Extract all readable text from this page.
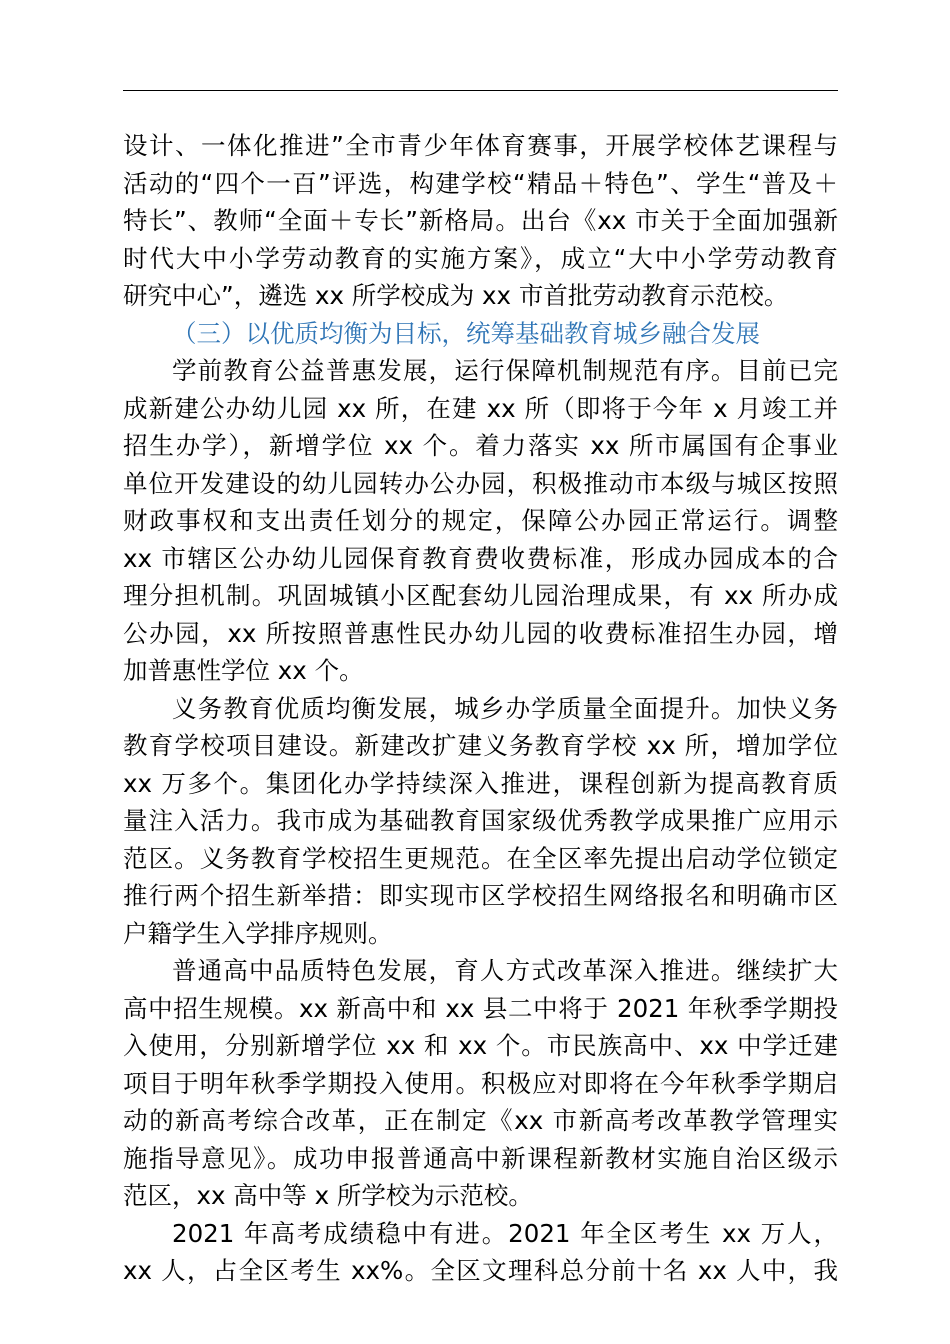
设计、一体化推进”全市青少年体育赛事，开展学校体艺课程与
活动的“四个一百”评选，构建学校“精品＋特色”、学生“普及＋
特长”、教师“全面＋专长”新格局。出台《xx 市关于全面加强新
时代大中小学劳动教育的实施方案》，成立“大中小学劳动教育
研究中心”，遴选 xx 所学校成为 xx 市首批劳动教育示范校。
（三）以优质均衡为目标，统筹基础教育城乡融合发展
学前教育公益普惠发展，运行保障机制规范有序。目前已完
成新建公办幼儿园 xx 所，在建 xx 所（即将于今年 x 月竣工并
招生办学），新增学位 xx 个。着力落实 xx 所市属国有企事业
单位开发建设的幼儿园转办公办园，积极推动市本级与城区按照
财政事权和支出责任划分的规定，保障公办园正常运行。调整
xx 市辖区公办幼儿园保育教育费收费标准，形成办园成本的合
理分担机制。巩固城镇小区配套幼儿园治理成果，有 xx 所办成
公办园，xx 所按照普惠性民办幼儿园的收费标准招生办园，增
加普惠性学位 xx 个。
义务教育优质均衡发展，城乡办学质量全面提升。加快义务
教育学校项目建设。新建改扩建义务教育学校 xx 所，增加学位
xx 万多个。集团化办学持续深入推进，课程创新为提高教育质
量注入活力。我市成为基础教育国家级优秀教学成果推广应用示
范区。义务教育学校招生更规范。在全区率先提出启动学位锁定
推行两个招生新举措：即实现市区学校招生网络报名和明确市区
户籍学生入学排序规则。
普通高中品质特色发展，育人方式改革深入推进。继续扩大
高中招生规模。xx 新高中和 xx 县二中将于 2021 年秋季学期投
入使用，分别新增学位 xx 和 xx 个。市民族高中、xx 中学迁建
项目于明年秋季学期投入使用。积极应对即将在今年秋季学期启
动的新高考综合改革，正在制定《xx 市新高考改革教学管理实
施指导意见》。成功申报普通高中新课程新教材实施自治区级示
范区，xx 高中等 x 所学校为示范校。
2021 年高考成绩稳中有进。2021 年全区考生 xx 万人，
xx 人，占全区考生 xx%。全区文理科总分前十名 xx 人中，我
